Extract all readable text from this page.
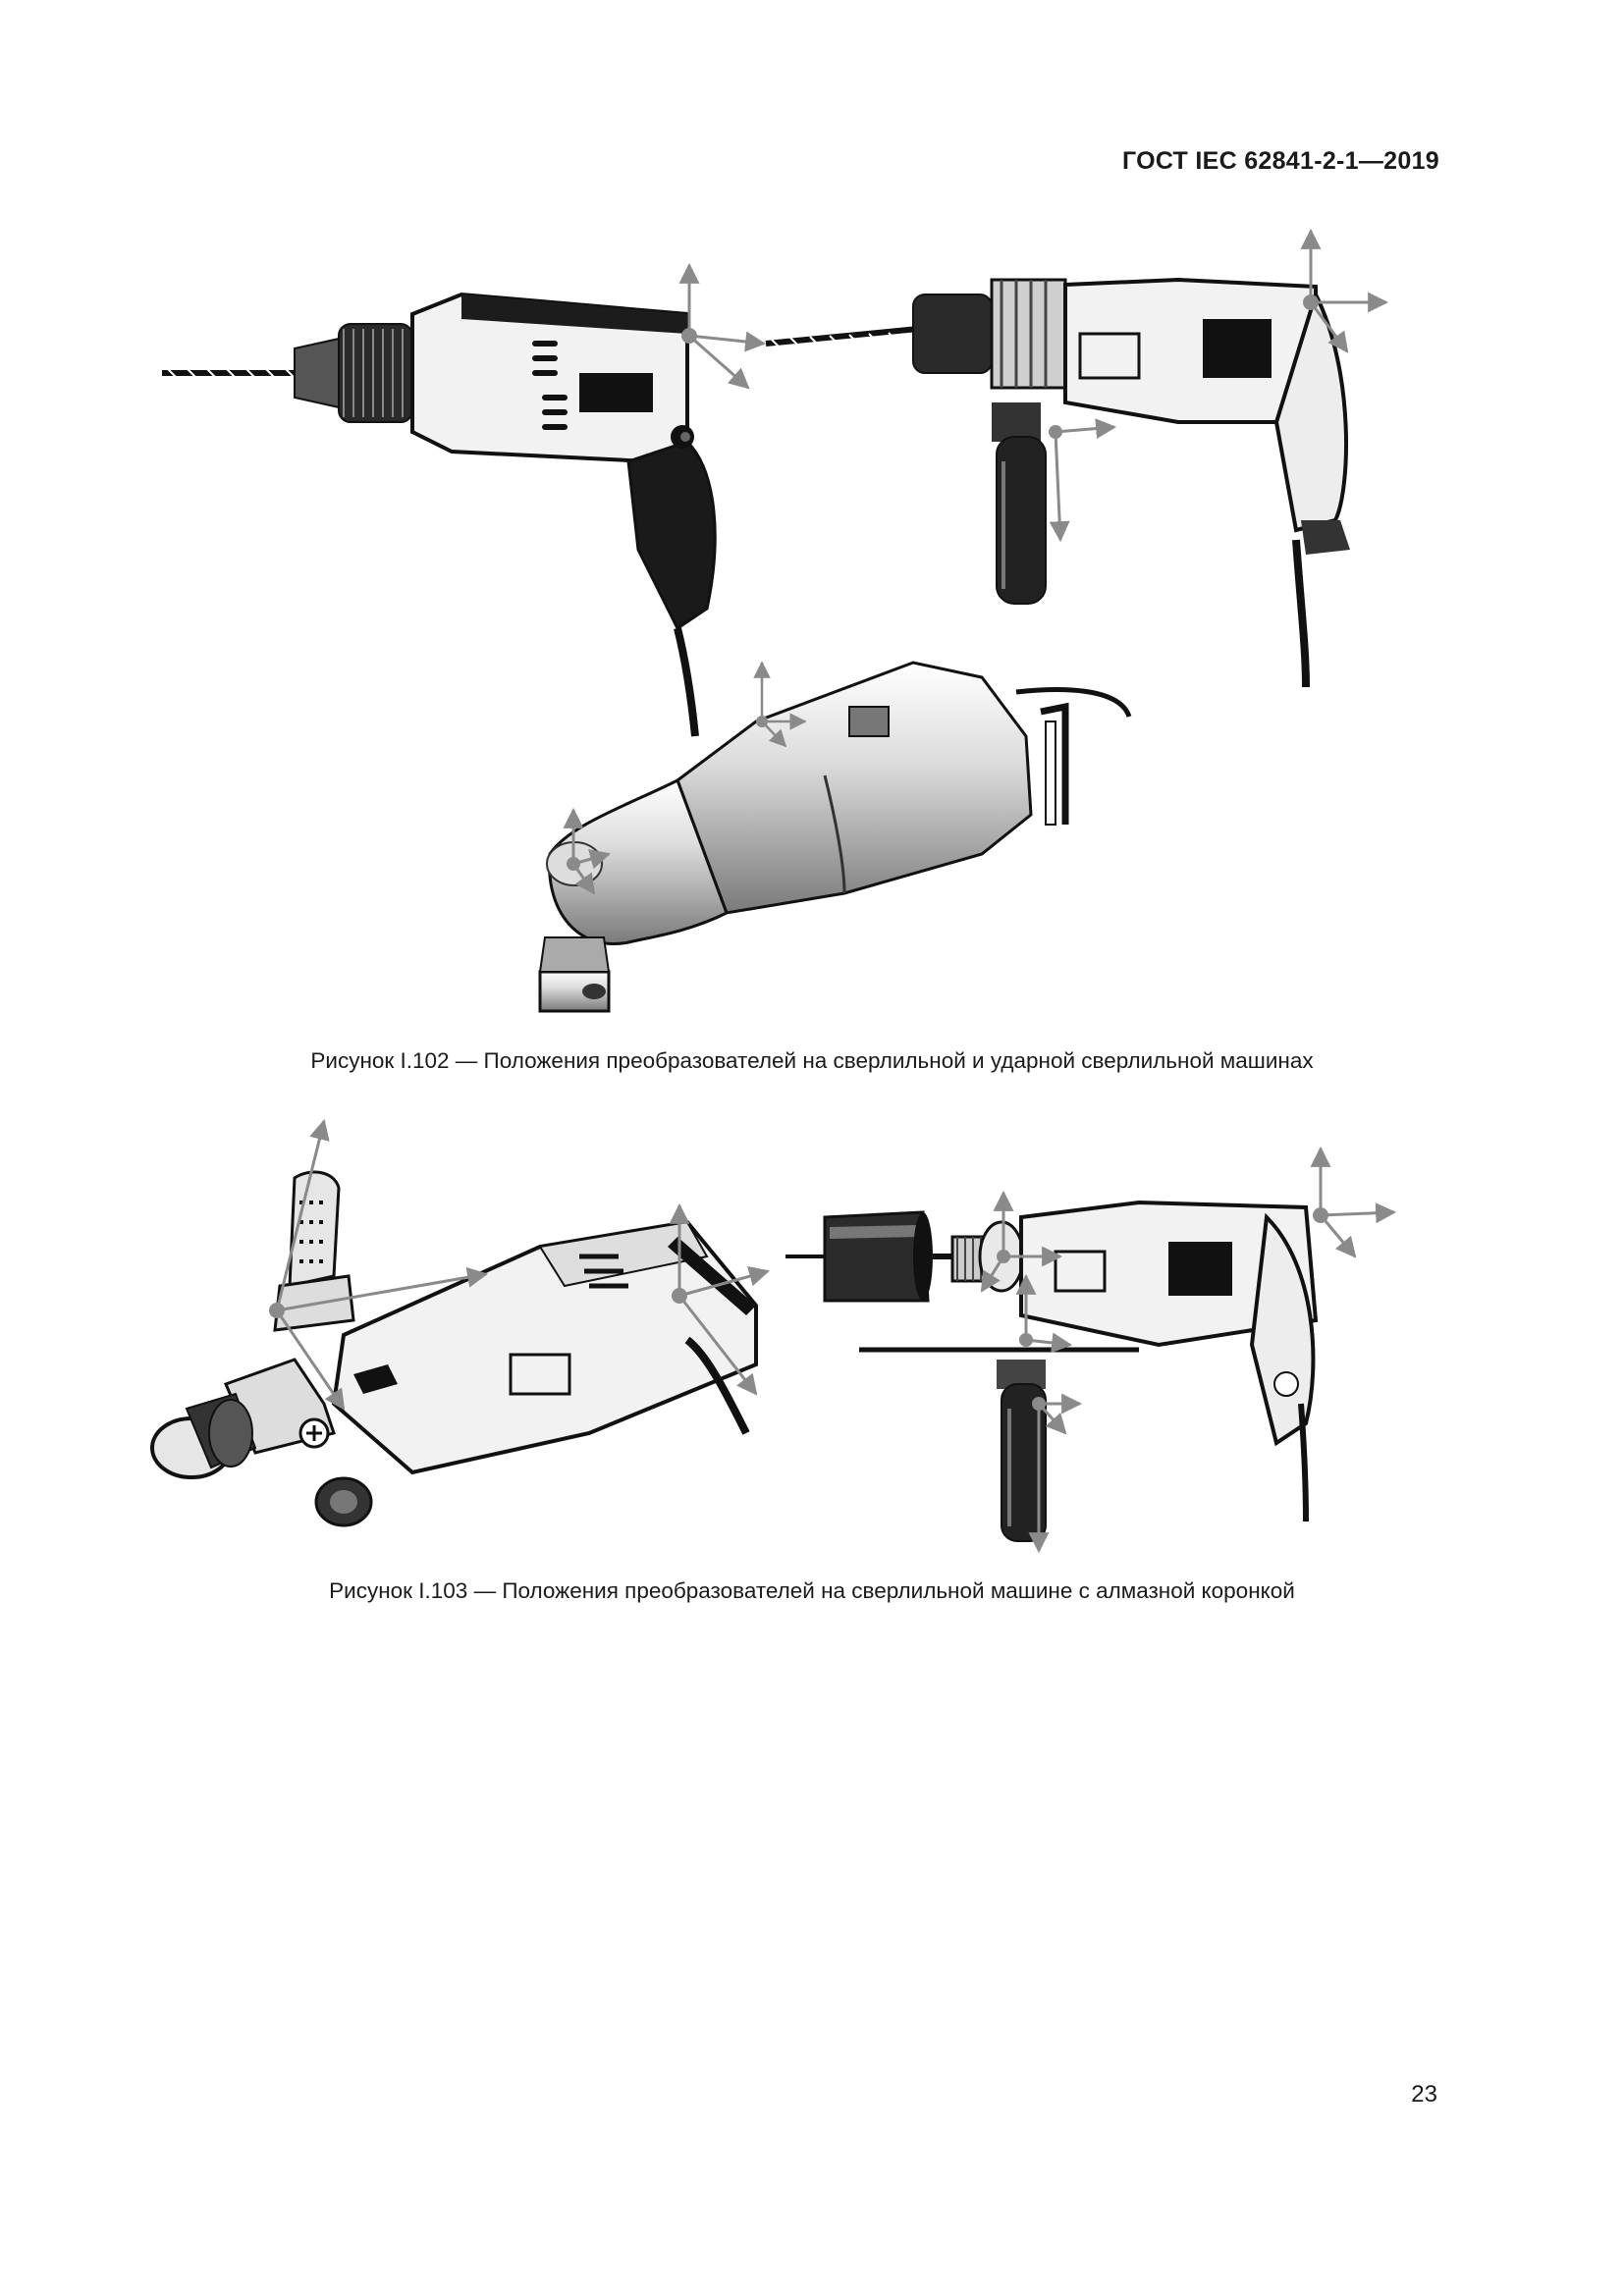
ГОСТ IEC 62841-2-1—2019
Рисунок I.102 — Положения преобразователей на сверлильной и ударной сверлильной машинах
Рисунок I.103 — Положения преобразователей на сверлильной машине с алмазной коронкой
23
